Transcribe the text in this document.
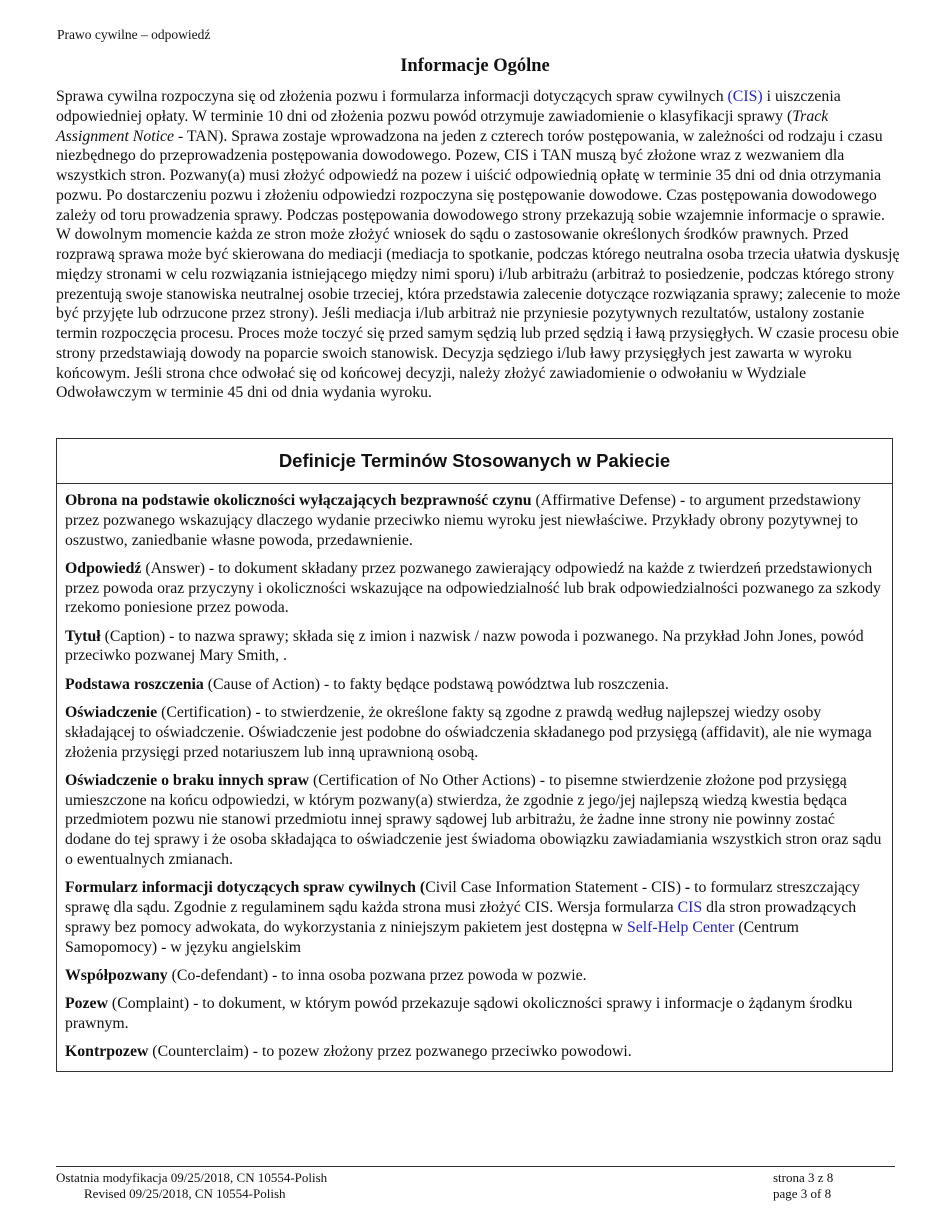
Prawo cywilne – odpowiedź
Informacje Ogólne

Sprawa cywilna rozpoczyna się od złożenia pozwu i formularza informacji dotyczących spraw cywilnych (CIS) i uiszczenia odpowiedniej opłaty. W terminie 10 dni od złożenia pozwu powód otrzymuje zawiadomienie o klasyfikacji sprawy (Track Assignment Notice - TAN). Sprawa zostaje wprowadzona na jeden z czterech torów postępowania, w zależności od rodzaju i czasu niezbędnego do przeprowadzenia postępowania dowodowego. Pozew, CIS i TAN muszą być złożone wraz z wezwaniem dla wszystkich stron. Pozwany(a) musi złożyć odpowiedź na pozew i uiścić odpowiednią opłatę w terminie 35 dni od dnia otrzymania pozwu. Po dostarczeniu pozwu i złożeniu odpowiedzi rozpoczyna się postępowanie dowodowe. Czas postępowania dowodowego zależy od toru prowadzenia sprawy. Podczas postępowania dowodowego strony przekazują sobie wzajemnie informacje o sprawie. W dowolnym momencie każda ze stron może złożyć wniosek do sądu o zastosowanie określonych środków prawnych. Przed rozprawą sprawa może być skierowana do mediacji (mediacja to spotkanie, podczas którego neutralna osoba trzecia ułatwia dyskusję między stronami w celu rozwiązania istniejącego między nimi sporu) i/lub arbitrażu (arbitraż to posiedzenie, podczas którego strony prezentują swoje stanowiska neutralnej osobie trzeciej, która przedstawia zalecenie dotyczące rozwiązania sprawy; zalecenie to może być przyjęte lub odrzucone przez strony). Jeśli mediacja i/lub arbitraż nie przyniesie pozytywnych rezultatów, ustalony zostanie termin rozpoczęcia procesu. Proces może toczyć się przed samym sędzią lub przed sędzią i ławą przysięgłych. W czasie procesu obie strony przedstawiają dowody na poparcie swoich stanowisk. Decyzja sędziego i/lub ławy przysięgłych jest zawarta w wyroku końcowym. Jeśli strona chce odwołać się od końcowej decyzji, należy złożyć zawiadomienie o odwołaniu w Wydziale Odwoławczym w terminie 45 dni od dnia wydania wyroku.

Definicje Terminów Stosowanych w Pakiecie

Obrona na podstawie okoliczności wyłączających bezprawność czynu (Affirmative Defense) - to argument przedstawiony przez pozwanego wskazujący dlaczego wydanie przeciwko niemu wyroku jest niewłaściwe. Przykłady obrony pozytywnej to oszustwo, zaniedbanie własne powoda, przedawnienie.

Odpowiedź (Answer) - to dokument składany przez pozwanego zawierający odpowiedź na każde z twierdzeń przedstawionych przez powoda oraz przyczyny i okoliczności wskazujące na odpowiedzialność lub brak odpowiedzialności pozwanego za szkody rzekomo poniesione przez powoda.

Tytuł (Caption) - to nazwa sprawy; składa się z imion i nazwisk / nazw powoda i pozwanego. Na przykład John Jones, powód przeciwko pozwanej Mary Smith, .

Podstawa roszczenia (Cause of Action) - to fakty będące podstawą powództwa lub roszczenia.

Oświadczenie (Certification) - to stwierdzenie, że określone fakty są zgodne z prawdą według najlepszej wiedzy osoby składającej to oświadczenie. Oświadczenie jest podobne do oświadczenia składanego pod przysięgą (affidavit), ale nie wymaga złożenia przysięgi przed notariuszem lub inną uprawnioną osobą.

Oświadczenie o braku innych spraw (Certification of No Other Actions) - to pisemne stwierdzenie złożone pod przysięgą umieszczone na końcu odpowiedzi, w którym pozwany(a) stwierdza, że zgodnie z jego/jej najlepszą wiedzą kwestia będąca przedmiotem pozwu nie stanowi przedmiotu innej sprawy sądowej lub arbitrażu, że żadne inne strony nie powinny zostać dodane do tej sprawy i że osoba składająca to oświadczenie jest świadoma obowiązku zawiadamiania wszystkich stron oraz sądu o ewentualnych zmianach.

Formularz informacji dotyczących spraw cywilnych (Civil Case Information Statement - CIS) - to formularz streszczający sprawę dla sądu. Zgodnie z regulaminem sądu każda strona musi złożyć CIS. Wersja formularza CIS dla stron prowadzących sprawy bez pomocy adwokata, do wykorzystania z niniejszym pakietem jest dostępna w Self-Help Center (Centrum Samopomocy) - w języku angielskim

Współpozwany (Co-defendant) - to inna osoba pozwana przez powoda w pozwie.

Pozew (Complaint) - to dokument, w którym powód przekazuje sądowi okoliczności sprawy i informacje o żądanym środku prawnym.

Kontrpozew (Counterclaim) - to pozew złożony przez pozwanego przeciwko powodowi.

Ostatnia modyfikacja 09/25/2018, CN 10554-Polish
Revised 09/25/2018, CN 10554-Polish
strona 3 z 8
page 3 of 8
